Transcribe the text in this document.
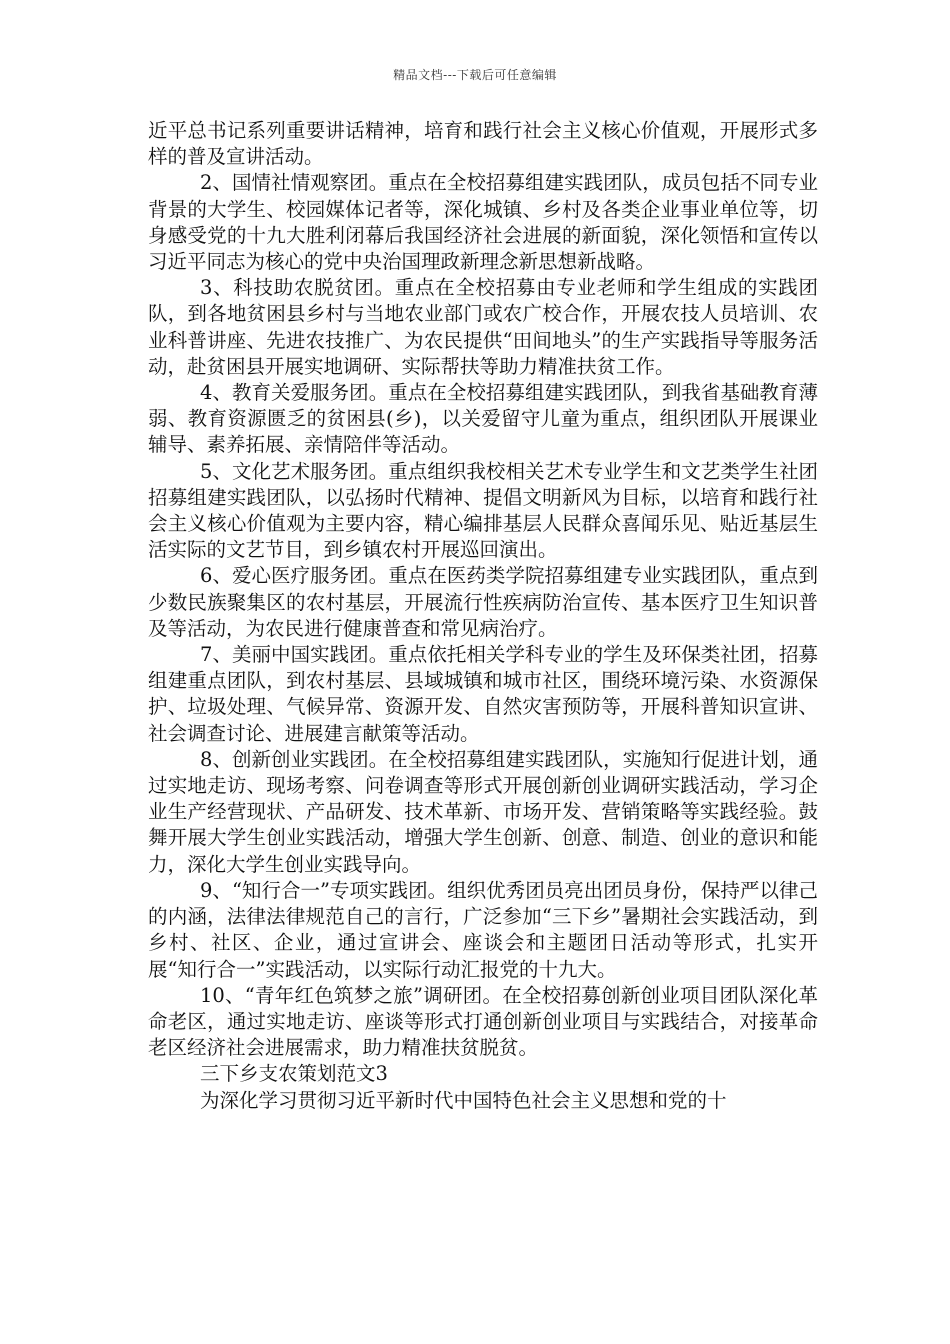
精品文档---下载后可任意编辑

近平总书记系列重要讲话精神，培育和践行社会主义核心价值观，开展形式多样的普及宣讲活动。

2、国情社情观察团。重点在全校招募组建实践团队，成员包括不同专业背景的大学生、校园媒体记者等，深化城镇、乡村及各类企业事业单位等，切身感受党的十九大胜利闭幕后我国经济社会进展的新面貌，深化领悟和宣传以习近平同志为核心的党中央治国理政新理念新思想新战略。

3、科技助农脱贫团。重点在全校招募由专业老师和学生组成的实践团队，到各地贫困县乡村与当地农业部门或农广校合作，开展农技人员培训、农业科普讲座、先进农技推广、为农民提供“田间地头”的生产实践指导等服务活动，赴贫困县开展实地调研、实际帮扶等助力精准扶贫工作。

4、教育关爱服务团。重点在全校招募组建实践团队，到我省基础教育薄弱、教育资源匮乏的贫困县(乡)，以关爱留守儿童为重点，组织团队开展课业辅导、素养拓展、亲情陪伴等活动。

5、文化艺术服务团。重点组织我校相关艺术专业学生和文艺类学生社团招募组建实践团队，以弘扬时代精神、提倡文明新风为目标，以培育和践行社会主义核心价值观为主要内容，精心编排基层人民群众喜闻乐见、贴近基层生活实际的文艺节目，到乡镇农村开展巡回演出。

6、爱心医疗服务团。重点在医药类学院招募组建专业实践团队，重点到少数民族聚集区的农村基层，开展流行性疾病防治宣传、基本医疗卫生知识普及等活动，为农民进行健康普查和常见病治疗。

7、美丽中国实践团。重点依托相关学科专业的学生及环保类社团，招募组建重点团队，到农村基层、县域城镇和城市社区，围绕环境污染、水资源保护、垃圾处理、气候异常、资源开发、自然灾害预防等，开展科普知识宣讲、社会调查讨论、进展建言献策等活动。

8、创新创业实践团。在全校招募组建实践团队，实施知行促进计划，通过实地走访、现场考察、问卷调查等形式开展创新创业调研实践活动，学习企业生产经营现状、产品研发、技术革新、市场开发、营销策略等实践经验。鼓舞开展大学生创业实践活动，增强大学生创新、创意、制造、创业的意识和能力，深化大学生创业实践导向。

9、“知行合一”专项实践团。组织优秀团员亮出团员身份，保持严以律己的内涵，法律法律规范自己的言行，广泛参加“三下乡”暑期社会实践活动，到乡村、社区、企业，通过宣讲会、座谈会和主题团日活动等形式，扎实开展“知行合一”实践活动，以实际行动汇报党的十九大。

10、“青年红色筑梦之旅”调研团。在全校招募创新创业项目团队深化革命老区，通过实地走访、座谈等形式打通创新创业项目与实践结合，对接革命老区经济社会进展需求，助力精准扶贫脱贫。

三下乡支农策划范文3

为深化学习贯彻习近平新时代中国特色社会主义思想和党的十
